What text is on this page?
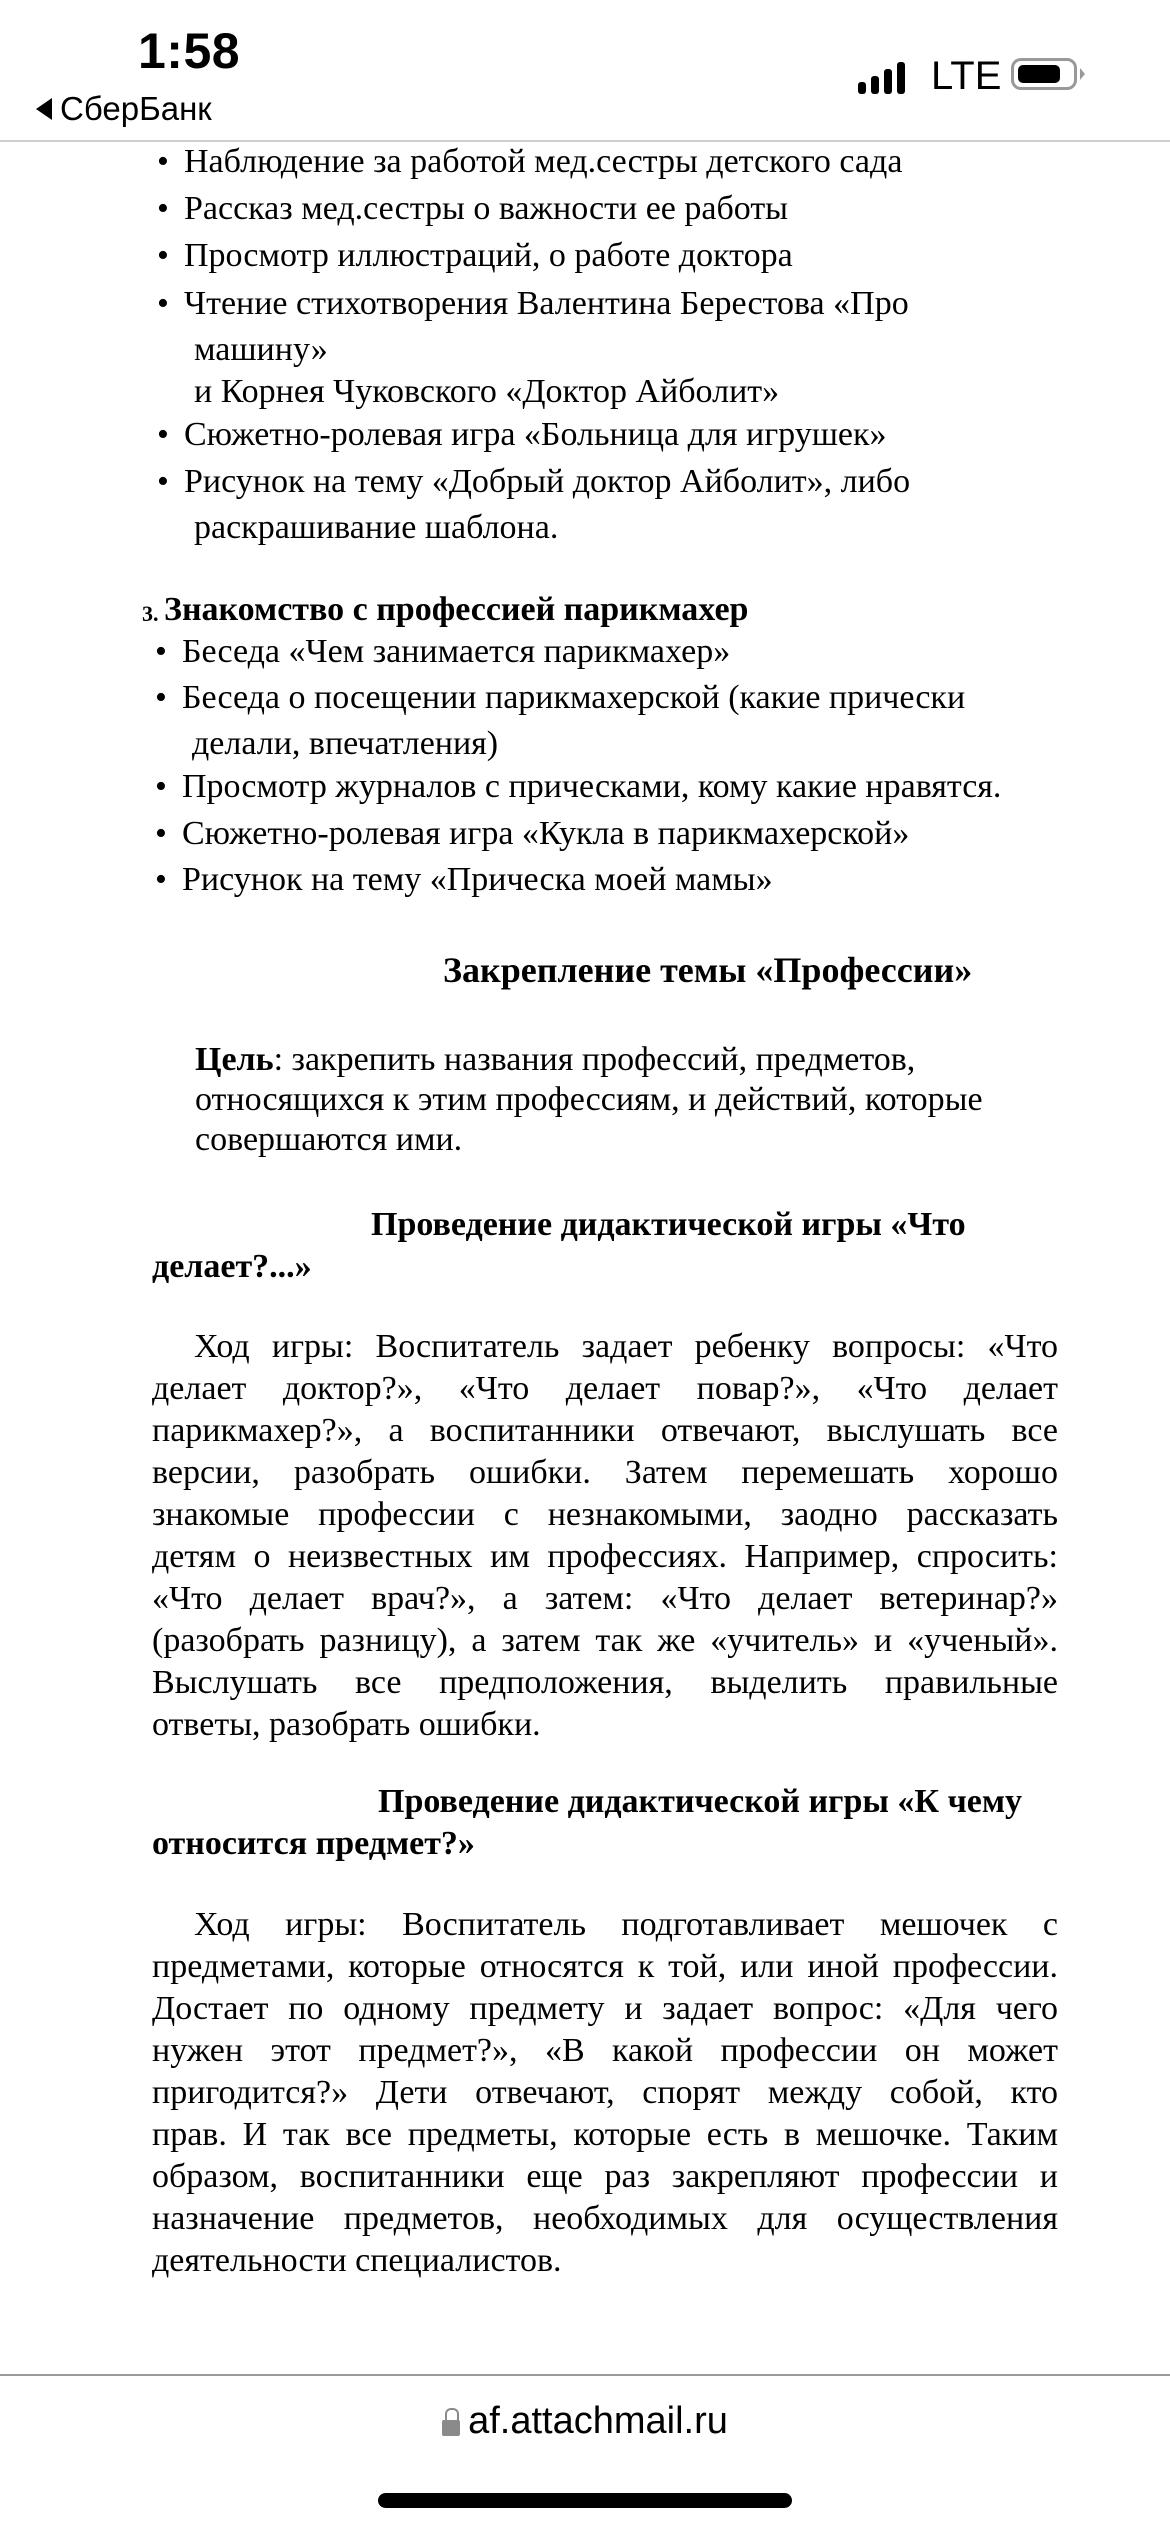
1:58
СберБанк
LTE
• Наблюдение за работой мед.сестры детского сада
• Рассказ мед.сестры о важности ее работы
• Просмотр иллюстраций, о работе доктора
• Чтение стихотворения Валентина Берестова «Про
машину»
и Корнея Чуковского «Доктор Айболит»
• Сюжетно-ролевая игра «Больница для игрушек»
• Рисунок на тему «Добрый доктор Айболит», либо
раскрашивание шаблона.
3. Знакомство с профессией парикмахер
• Беседа «Чем занимается парикмахер»
• Беседа о посещении парикмахерской (какие прически
делали, впечатления)
• Просмотр журналов с прическами, кому какие нравятся.
• Сюжетно-ролевая игра «Кукла в парикмахерской»
• Рисунок на тему «Прическа моей мамы»
Закрепление темы «Профессии»
Цель: закрепить названия профессий, предметов,
относящихся к этим профессиям, и действий, которые
совершаются ими.
Проведение дидактической игры «Что
делает?...»
Ход игры: Воспитатель задает ребенку вопросы: «Что
делает доктор?», «Что делает повар?», «Что делает
парикмахер?», а воспитанники отвечают, выслушать все
версии, разобрать ошибки. Затем перемешать хорошо
знакомые профессии с незнакомыми, заодно рассказать
детям о неизвестных им профессиях. Например, спросить:
«Что делает врач?», а затем: «Что делает ветеринар?»
(разобрать разницу), а затем так же «учитель» и «ученый».
Выслушать все предположения, выделить правильные
ответы, разобрать ошибки.
Проведение дидактической игры «К чему
относится предмет?»
Ход игры: Воспитатель подготавливает мешочек с
предметами, которые относятся к той, или иной профессии.
Достает по одному предмету и задает вопрос: «Для чего
нужен этот предмет?», «В какой профессии он может
пригодится?» Дети отвечают, спорят между собой, кто
прав. И так все предметы, которые есть в мешочке. Таким
образом, воспитанники еще раз закрепляют профессии и
назначение предметов, необходимых для осуществления
деятельности специалистов.
af.attachmail.ru
